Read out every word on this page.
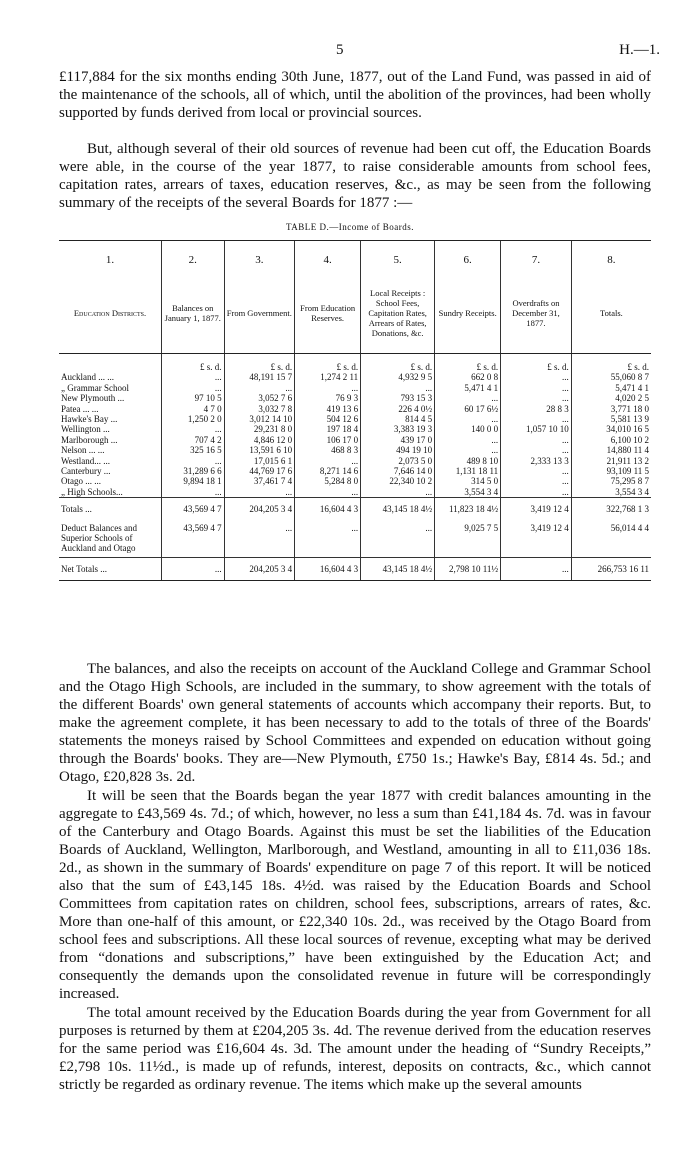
5	H.—1.

£117,884 for the six months ending 30th June, 1877, out of the Land Fund, was passed in aid of the maintenance of the schools, all of which, until the abolition of the provinces, had been wholly supported by funds derived from local or provincial sources.

But, although several of their old sources of revenue had been cut off, the Education Boards were able, in the course of the year 1877, to raise considerable amounts from school fees, capitation rates, arrears of taxes, education reserves, &c., as may be seen from the following summary of the receipts of the several Boards for 1877 :—

TABLE D.—Income of Boards.
1.	2.	3.	4.	5.	6.	7.	8.
Education Districts.	Balances on January 1, 1877.	From Government.	From Education Reserves.	Local Receipts : School Fees, Capitation Rates, Arrears of Rates, Donations, &c.	Sundry Receipts.	Overdrafts on December 31, 1877.	Totals.
	£ s. d.	£ s. d.	£ s. d.	£ s. d.	£ s. d.	£ s. d.	£ s. d.
Auckland ... ...	...	48,191 15 7	1,274 2 11	4,932 9 5	662 0 8	...	55,060 8 7
„ Grammar School	...	...	...	...	5,471 4 1	...	5,471 4 1
New Plymouth ...	97 10 5	3,052 7 6	76 9 3	793 15 3	...	...	4,020 2 5
Patea ... ...	4 7 0	3,032 7 8	419 13 6	226 4 0½	60 17 6½	28 8 3	3,771 18 0
Hawke's Bay ...	1,250 2 0	3,012 14 10	504 12 6	814 4 5	...	...	5,581 13 9
Wellington ...	...	29,231 8 0	197 18 4	3,383 19 3	140 0 0	1,057 10 10	34,010 16 5
Marlborough ...	707 4 2	4,846 12 0	106 17 0	439 17 0	...	...	6,100 10 2
Nelson ... ...	325 16 5	13,591 6 10	468 8 3	494 19 10	...	...	14,880 11 4
Westland... ...	...	17,015 6 1	...	2,073 5 0	489 8 10	2,333 13 3	21,911 13 2
Canterbury ...	31,289 6 6	44,769 17 6	8,271 14 6	7,646 14 0	1,131 18 11	...	93,109 11 5
Otago ... ...	9,894 18 1	37,461 7 4	5,284 8 0	22,340 10 2	314 5 0	...	75,295 8 7
„ High Schools...	...	...	...	...	3,554 3 4	...	3,554 3 4
Totals ...	43,569 4 7	204,205 3 4	16,604 4 3	43,145 18 4½	11,823 18 4½	3,419 12 4	322,768 1 3
Deduct Balances and Superior Schools of Auckland and Otago	43,569 4 7	...	...	...	9,025 7 5	3,419 12 4	56,014 4 4
Net Totals ...	...	204,205 3 4	16,604 4 3	43,145 18 4½	2,798 10 11½	...	266,753 16 11

The balances, and also the receipts on account of the Auckland College and Grammar School and the Otago High Schools, are included in the summary, to show agreement with the totals of the different Boards' own general statements of accounts which accompany their reports. But, to make the agreement complete, it has been necessary to add to the totals of three of the Boards' statements the moneys raised by School Committees and expended on education without going through the Boards' books. They are—New Plymouth, £750 1s.; Hawke's Bay, £814 4s. 5d.; and Otago, £20,828 3s. 2d.

It will be seen that the Boards began the year 1877 with credit balances amounting in the aggregate to £43,569 4s. 7d.; of which, however, no less a sum than £41,184 4s. 7d. was in favour of the Canterbury and Otago Boards. Against this must be set the liabilities of the Education Boards of Auckland, Wellington, Marlborough, and Westland, amounting in all to £11,036 18s. 2d., as shown in the summary of Boards' expenditure on page 7 of this report. It will be noticed also that the sum of £43,145 18s. 4½d. was raised by the Education Boards and School Committees from capitation rates on children, school fees, subscriptions, arrears of rates, &c. More than one-half of this amount, or £22,340 10s. 2d., was received by the Otago Board from school fees and subscriptions. All these local sources of revenue, excepting what may be derived from “donations and subscriptions,” have been extinguished by the Education Act; and consequently the demands upon the consolidated revenue in future will be correspondingly increased.

The total amount received by the Education Boards during the year from Government for all purposes is returned by them at £204,205 3s. 4d. The revenue derived from the education reserves for the same period was £16,604 4s. 3d. The amount under the heading of “Sundry Receipts,” £2,798 10s. 11½d., is made up of refunds, interest, deposits on contracts, &c., which cannot strictly be regarded as ordinary revenue. The items which make up the several amounts
